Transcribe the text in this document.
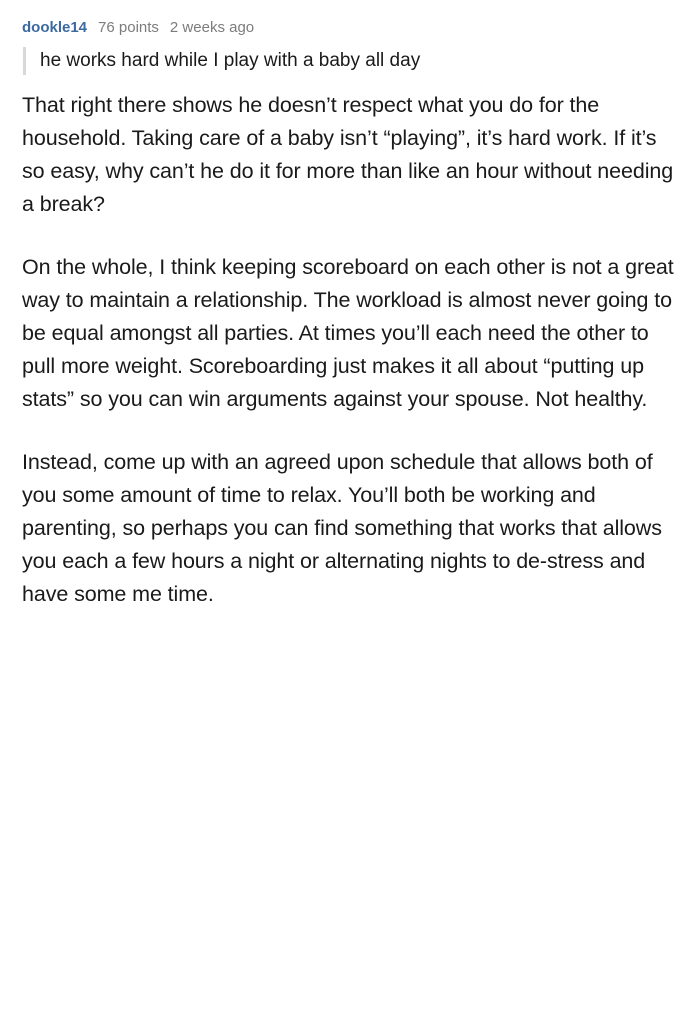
dookle14 76 points 2 weeks ago
he works hard while I play with a baby all day

That right there shows he doesn’t respect what you do for the household. Taking care of a baby isn’t “playing”, it’s hard work. If it’s so easy, why can’t he do it for more than like an hour without needing a break?

On the whole, I think keeping scoreboard on each other is not a great way to maintain a relationship. The workload is almost never going to be equal amongst all parties. At times you’ll each need the other to pull more weight. Scoreboarding just makes it all about “putting up stats” so you can win arguments against your spouse. Not healthy.

Instead, come up with an agreed upon schedule that allows both of you some amount of time to relax. You’ll both be working and parenting, so perhaps you can find something that works that allows you each a few hours a night or alternating nights to de-stress and have some me time.
